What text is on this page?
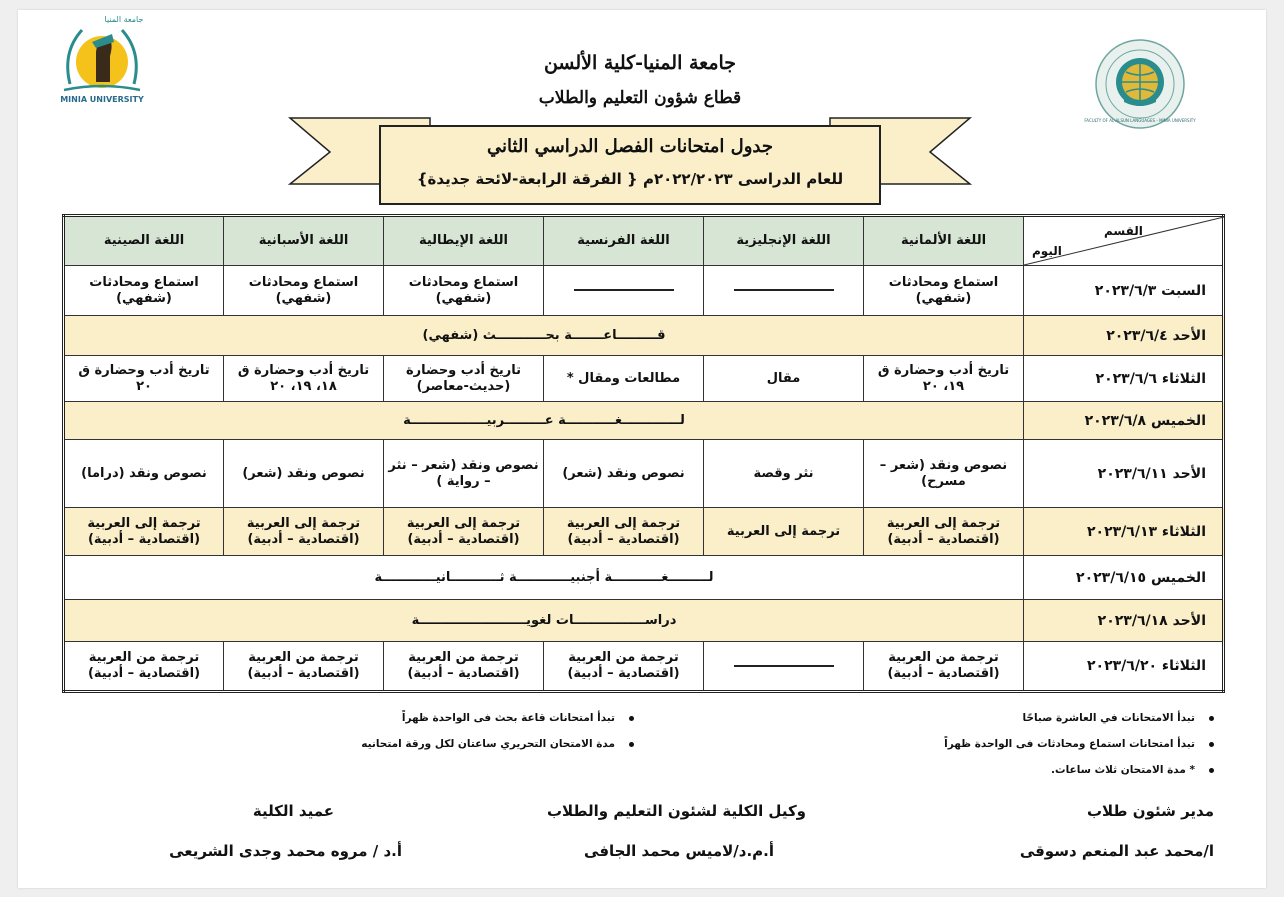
MINIA UNIVERSITY
جامعة المنيا
FACULTY OF AL-ALSUN LANGUAGES - MINIA UNIVERSITY
جامعة المنيا-كلية الألسن
قطاع شؤون التعليم والطلاب
جدول امتحانات الفصل الدراسي الثاني
للعام الدراسى ٢٠٢٢/٢٠٢٣م { الفرقة الرابعة-لائحة جديدة}
القسم
اليوم	اللغة الألمانية	اللغة الإنجليزية	اللغة الفرنسية	اللغة الإيطالية	اللغة الأسبانية	اللغة الصينية
السبت ٢٠٢٣/٦/٣	استماع ومحادثات (شفهي)			استماع ومحادثات (شفهي)	استماع ومحادثات (شفهي)	استماع ومحادثات (شفهي)
الأحد ٢٠٢٣/٦/٤	قـــــــــاعـــــــة بحـــــــــــث (شفهي)					
الثلاثاء ٢٠٢٣/٦/٦	تاريخ أدب وحضارة ق ١٩، ٢٠	مقال	مطالعات ومقال *	تاريخ أدب وحضارة (حديث-معاصر)	تاريخ أدب وحضارة ق ١٨، ١٩، ٢٠	تاريخ أدب وحضارة ق ٢٠
الخميس ٢٠٢٣/٦/٨	لـــــــــــــغـــــــــــة عـــــــــربيـــــــــــــــــة					
الأحد ٢٠٢٣/٦/١١	نصوص ونقد (شعر – مسرح)	نثر وقصة	نصوص ونقد (شعر)	نصوص ونقد (شعر – نثر – رواية )	نصوص ونقد (شعر)	نصوص ونقد (دراما)
الثلاثاء ٢٠٢٣/٦/١٣	ترجمة إلى العربية (اقتصادية – أدبية)	ترجمة إلى العربية	ترجمة إلى العربية (اقتصادية – أدبية)	ترجمة إلى العربية (اقتصادية – أدبية)	ترجمة إلى العربية (اقتصادية – أدبية)	ترجمة إلى العربية (اقتصادية – أدبية)
الخميس ٢٠٢٣/٦/١٥	لـــــــــغـــــــــــة أجنبيــــــــــــة ثـــــــــــانيــــــــــــة					
الأحد ٢٠٢٣/٦/١٨	دراســــــــــــــــات لغويــــــــــــــــــــــــة					
الثلاثاء ٢٠٢٣/٦/٢٠	ترجمة من العربية (اقتصادية – أدبية)		ترجمة من العربية (اقتصادية – أدبية)	ترجمة من العربية (اقتصادية – أدبية)	ترجمة من العربية (اقتصادية – أدبية)	ترجمة من العربية (اقتصادية – أدبية)
تبدأ الامتحانات في العاشرة صباحًا
تبدأ امتحانات استماع ومحادثات فى الواحدة ظهراً
* مدة الامتحان ثلاث ساعات.
تبدأ امتحانات قاعة بحث فى الواحدة ظهراً
مدة الامتحان التحريري ساعتان لكل ورقة امتحانيه
مدير شئون طلاب
ا/محمد عبد المنعم دسوقى
وكيل الكلية لشئون التعليم والطلاب
أ.م.د/لاميس محمد الجافى
عميد الكلية
أ.د / مروه محمد وجدى الشريعى
